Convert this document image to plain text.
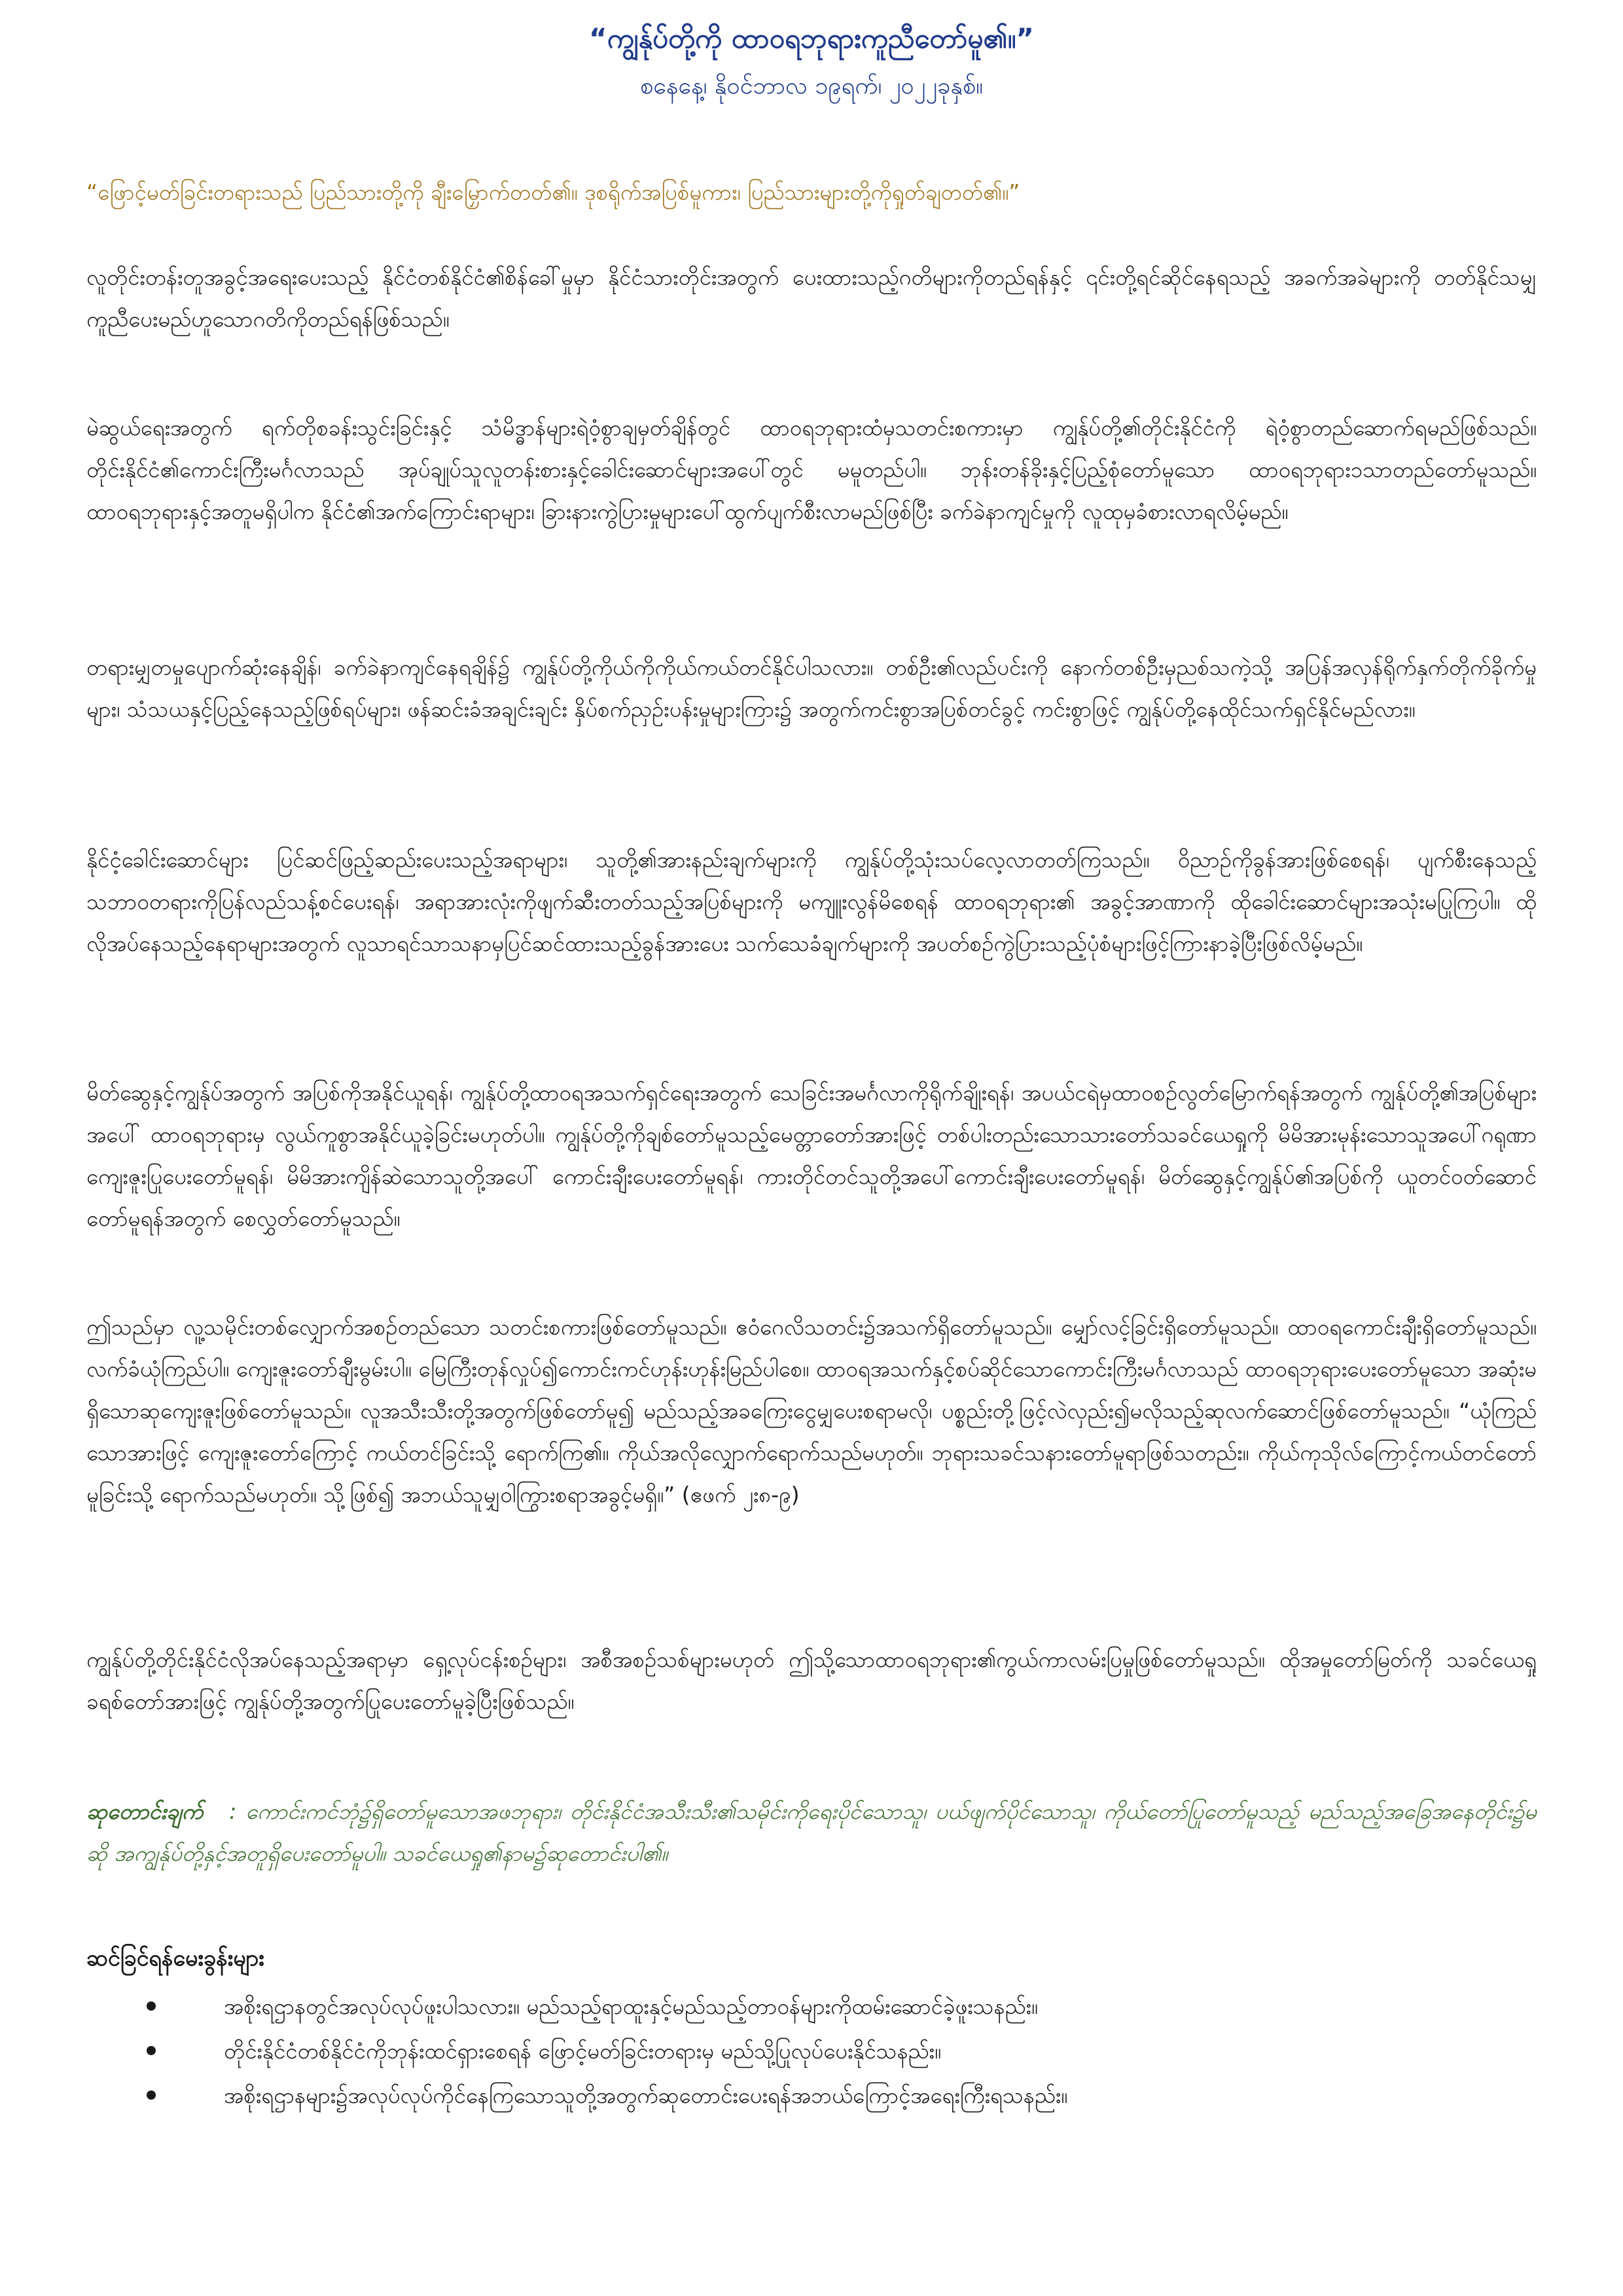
“ကျွန်ုပ်တို့ကို ထာဝရဘုရားကူညီတော်မူ၏။”
စနေနေ့၊ နိုဝင်ဘာလ ၁၉ရက်၊ ၂၀၂၂ခုနှစ်။

“ဖြောင့်မတ်ခြင်းတရားသည် ပြည်သားတို့ကို ချီးမြှောက်တတ်၏။ ဒုစရိုက်အပြစ်မူကား၊ ပြည်သားများတို့ကိုရှုတ်ချတတ်၏။”

လူတိုင်းတန်းတူအခွင့်အရေးပေးသည့် နိုင်ငံတစ်နိုင်ငံ၏စိန်ခေါ်မှုမှာ နိုင်ငံသားတိုင်းအတွက် ပေးထားသည့်ဂတိများကိုတည်ရန်နှင့် ၎င်းတို့ရင်ဆိုင်နေရသည့် အခက်အခဲများကို တတ်နိုင်သမျှကူညီပေးမည်ဟူသောဂတိကိုတည်ရန်ဖြစ်သည်။

မဲဆွယ်ရေးအတွက် ရက်တိုစခန်းသွင်းခြင်းနှင့် သံမိဒ္ဓာန်များရဲဝံ့စွာချမှတ်ချိန်တွင် ထာဝရဘုရားထံမှသတင်းစကားမှာ ကျွန်ုပ်တို့၏တိုင်းနိုင်ငံကို ရဲဝံ့စွာတည်ဆောက်ရမည်ဖြစ်သည်။ တိုင်းနိုင်ငံ၏ကောင်းကြီးမင်္ဂလာသည် အုပ်ချုပ်သူလူတန်းစားနှင့်ခေါင်းဆောင်များအပေါ်တွင် မမူတည်ပါ။ ဘုန်းတန်ခိုးနှင့်ပြည့်စုံတော်မူသော ထာဝရဘုရားၥသာတည်တော်မူသည်။ ထာဝရဘုရားနှင့်အတူမရှိပါက နိုင်ငံ၏အက်ကြောင်းရာများ၊ ခြားနားကွဲပြားမှုများပေါ်ထွက်ပျက်စီးလာမည်ဖြစ်ပြီး ခက်ခဲနာကျင်မှုကို လူထုမှခံစားလာရလိမ့်မည်။

တရားမျှတမှုပျောက်ဆုံးနေချိန်၊ ခက်ခဲနာကျင်နေရချိန်၌ ကျွန်ုပ်တို့ကိုယ်ကိုကိုယ်ကယ်တင်နိုင်ပါသလား။ တစ်ဦး၏လည်ပင်းကို နောက်တစ်ဦးမှညစ်သကဲ့သို့ အပြန်အလှန်ရိုက်နှက်တိုက်ခိုက်မှုများ၊ သံသယနှင့်ပြည့်နေသည့်ဖြစ်ရပ်များ၊ ဖန်ဆင်းခံအချင်းချင်း နှိပ်စက်ညှဉ်းပန်းမှုများကြား၌ အတွက်ကင်းစွာအပြစ်တင်ခွင့် ကင်းစွာဖြင့် ကျွန်ုပ်တို့နေထိုင်သက်ရှင်နိုင်မည်လား။

နိုင်ငံ့ခေါင်းဆောင်များ ပြင်ဆင်ဖြည့်ဆည်းပေးသည့်အရာများ၊ သူတို့၏အားနည်းချက်များကို ကျွန်ုပ်တို့သုံးသပ်လေ့လာတတ်ကြသည်။ ဝိညာဉ်ကိုခွန်အားဖြစ်စေရန်၊ ပျက်စီးနေသည့်သဘာဝတရားကိုပြန်လည်သန့်စင်ပေးရန်၊ အရာအားလုံးကိုဖျက်ဆီးတတ်သည့်အပြစ်များကို မကျူးလွန်မိစေရန် ထာဝရဘုရား၏ အခွင့်အာဏာကို ထိုခေါင်းဆောင်များအသုံးမပြုကြပါ။ ထိုလိုအပ်နေသည့်နေရာများအတွက် လူသာရင်သာသနာမှပြင်ဆင်ထားသည့်ခွန်အားပေး သက်သေခံချက်များကို အပတ်စဉ်ကွဲပြားသည့်ပုံစံများဖြင့်ကြားနာခဲ့ပြီးဖြစ်လိမ့်မည်။

မိတ်ဆွေနှင့်ကျွန်ုပ်အတွက် အပြစ်ကိုအနိုင်ယူရန်၊ ကျွန်ုပ်တို့ထာဝရအသက်ရှင်ရေးအတွက် သေခြင်းအမင်္ဂလာကိုရိုက်ချိုးရန်၊ အပယ်ငရဲမှထာဝစဉ်လွတ်မြောက်ရန်အတွက် ကျွန်ုပ်တို့၏အပြစ်များအပေါ် ထာဝရဘုရားမှ လွယ်ကူစွာအနိုင်ယူခဲ့ခြင်းမဟုတ်ပါ။ ကျွန်ုပ်တို့ကိုချစ်တော်မူသည့်မေတ္တာတော်အားဖြင့် တစ်ပါးတည်းသောသားတော်သခင်ယေရှုကို မိမိအားမုန်းသောသူအပေါ်ဂရုဏာကျေးဇူးပြုပေးတော်မူရန်၊ မိမိအားကျိန်ဆဲသောသူတို့အပေါ် ကောင်းချီးပေးတော်မူရန်၊ ကားတိုင်တင်သူတို့အပေါ်ကောင်းချီးပေးတော်မူရန်၊ မိတ်ဆွေနှင့်ကျွန်ုပ်၏အပြစ်ကို ယူတင်ဝတ်ဆောင်တော်မူရန်အတွက် စေလွှတ်တော်မူသည်။

ဤသည်မှာ လူ့သမိုင်းတစ်လျှောက်အစဉ်တည်သော သတင်းစကားဖြစ်တော်မူသည်။ ဧဝံဂေလိသတင်း၌အသက်ရှိတော်မူသည်။ မျှော်လင့်ခြင်းရှိတော်မူသည်။ ထာဝရကောင်းချီးရှိတော်မူသည်။ လက်ခံယုံကြည်ပါ။ ကျေးဇူးတော်ချီးမွမ်းပါ။ မြေကြီးတုန်လှုပ်၍ကောင်းကင်ဟုန်းဟုန်းမြည်ပါစေ။ ထာဝရအသက်နှင့်စပ်ဆိုင်သောကောင်းကြီးမင်္ဂလာသည် ထာဝရဘုရားပေးတော်မူသော အဆုံးမရှိသောဆုကျေးဇူးဖြစ်တော်မူသည်။ လူအသီးသီးတို့အတွက်ဖြစ်တော်မူ၍ မည်သည့်အခကြေးငွေမျှပေးစရာမလို၊ ပစ္စည်းတို့ဖြင့်လဲလှည်း၍မလိုသည့်ဆုလက်ဆောင်ဖြစ်တော်မူသည်။ “ယုံကြည်သောအားဖြင့် ကျေးဇူးတော်ကြောင့် ကယ်တင်ခြင်းသို့ ရောက်ကြ၏။ ကိုယ်အလိုလျှောက်ရောက်သည်မဟုတ်။ ဘုရားသခင်သနားတော်မူရာဖြစ်သတည်း။ ကိုယ်ကုသိုလ်ကြောင့်ကယ်တင်တော်မူခြင်းသို့ ရောက်သည်မဟုတ်။ သို့ဖြစ်၍ အဘယ်သူမျှဝါကြွားစရာအခွင့်မရှိ။” (ဧဖက် ၂း၈-၉)

ကျွန်ုပ်တို့တိုင်းနိုင်ငံလိုအပ်နေသည့်အရာမှာ ရှေ့လုပ်ငန်းစဉ်များ၊ အစီအစဉ်သစ်များမဟုတ် ဤသို့သောထာဝရဘုရား၏ကွယ်ကာလမ်းပြမှုဖြစ်တော်မူသည်။ ထိုအမှုတော်မြတ်ကို သခင်ယေရှုခရစ်တော်အားဖြင့် ကျွန်ုပ်တို့အတွက်ပြုပေးတော်မူခဲ့ပြီးဖြစ်သည်။

ဆုတောင်းချက် : ကောင်းကင်ဘုံ၌ရှိတော်မူသောအဖဘုရား၊ တိုင်းနိုင်ငံအသီးသီး၏သမိုင်းကိုရေးပိုင်သောသူ၊ ပယ်ဖျက်ပိုင်သောသူ၊ ကိုယ်တော်ပြုတော်မူသည့် မည်သည့်အခြေအနေတိုင်း၌မဆို အကျွန်ုပ်တို့နှင့်အတူရှိပေးတော်မူပါ။ သခင်ယေရှု၏နာမ၌ဆုတောင်းပါ၏။

ဆင်ခြင်ရန်မေးခွန်းများ
အစိုးရဌာနတွင်အလုပ်လုပ်ဖူးပါသလား။ မည်သည့်ရာထူးနှင့်မည်သည့်တာဝန်များကိုထမ်းဆောင်ခဲ့ဖူးသနည်း။
တိုင်းနိုင်ငံတစ်နိုင်ငံကိုဘုန်းထင်ရှားစေရန် ဖြောင့်မတ်ခြင်းတရားမှ မည်သို့ပြုလုပ်ပေးနိုင်သနည်း။
အစိုးရဌာနများ၌အလုပ်လုပ်ကိုင်နေကြသောသူတို့အတွက်ဆုတောင်းပေးရန်အဘယ်ကြောင့်အရေးကြီးရသနည်း။
